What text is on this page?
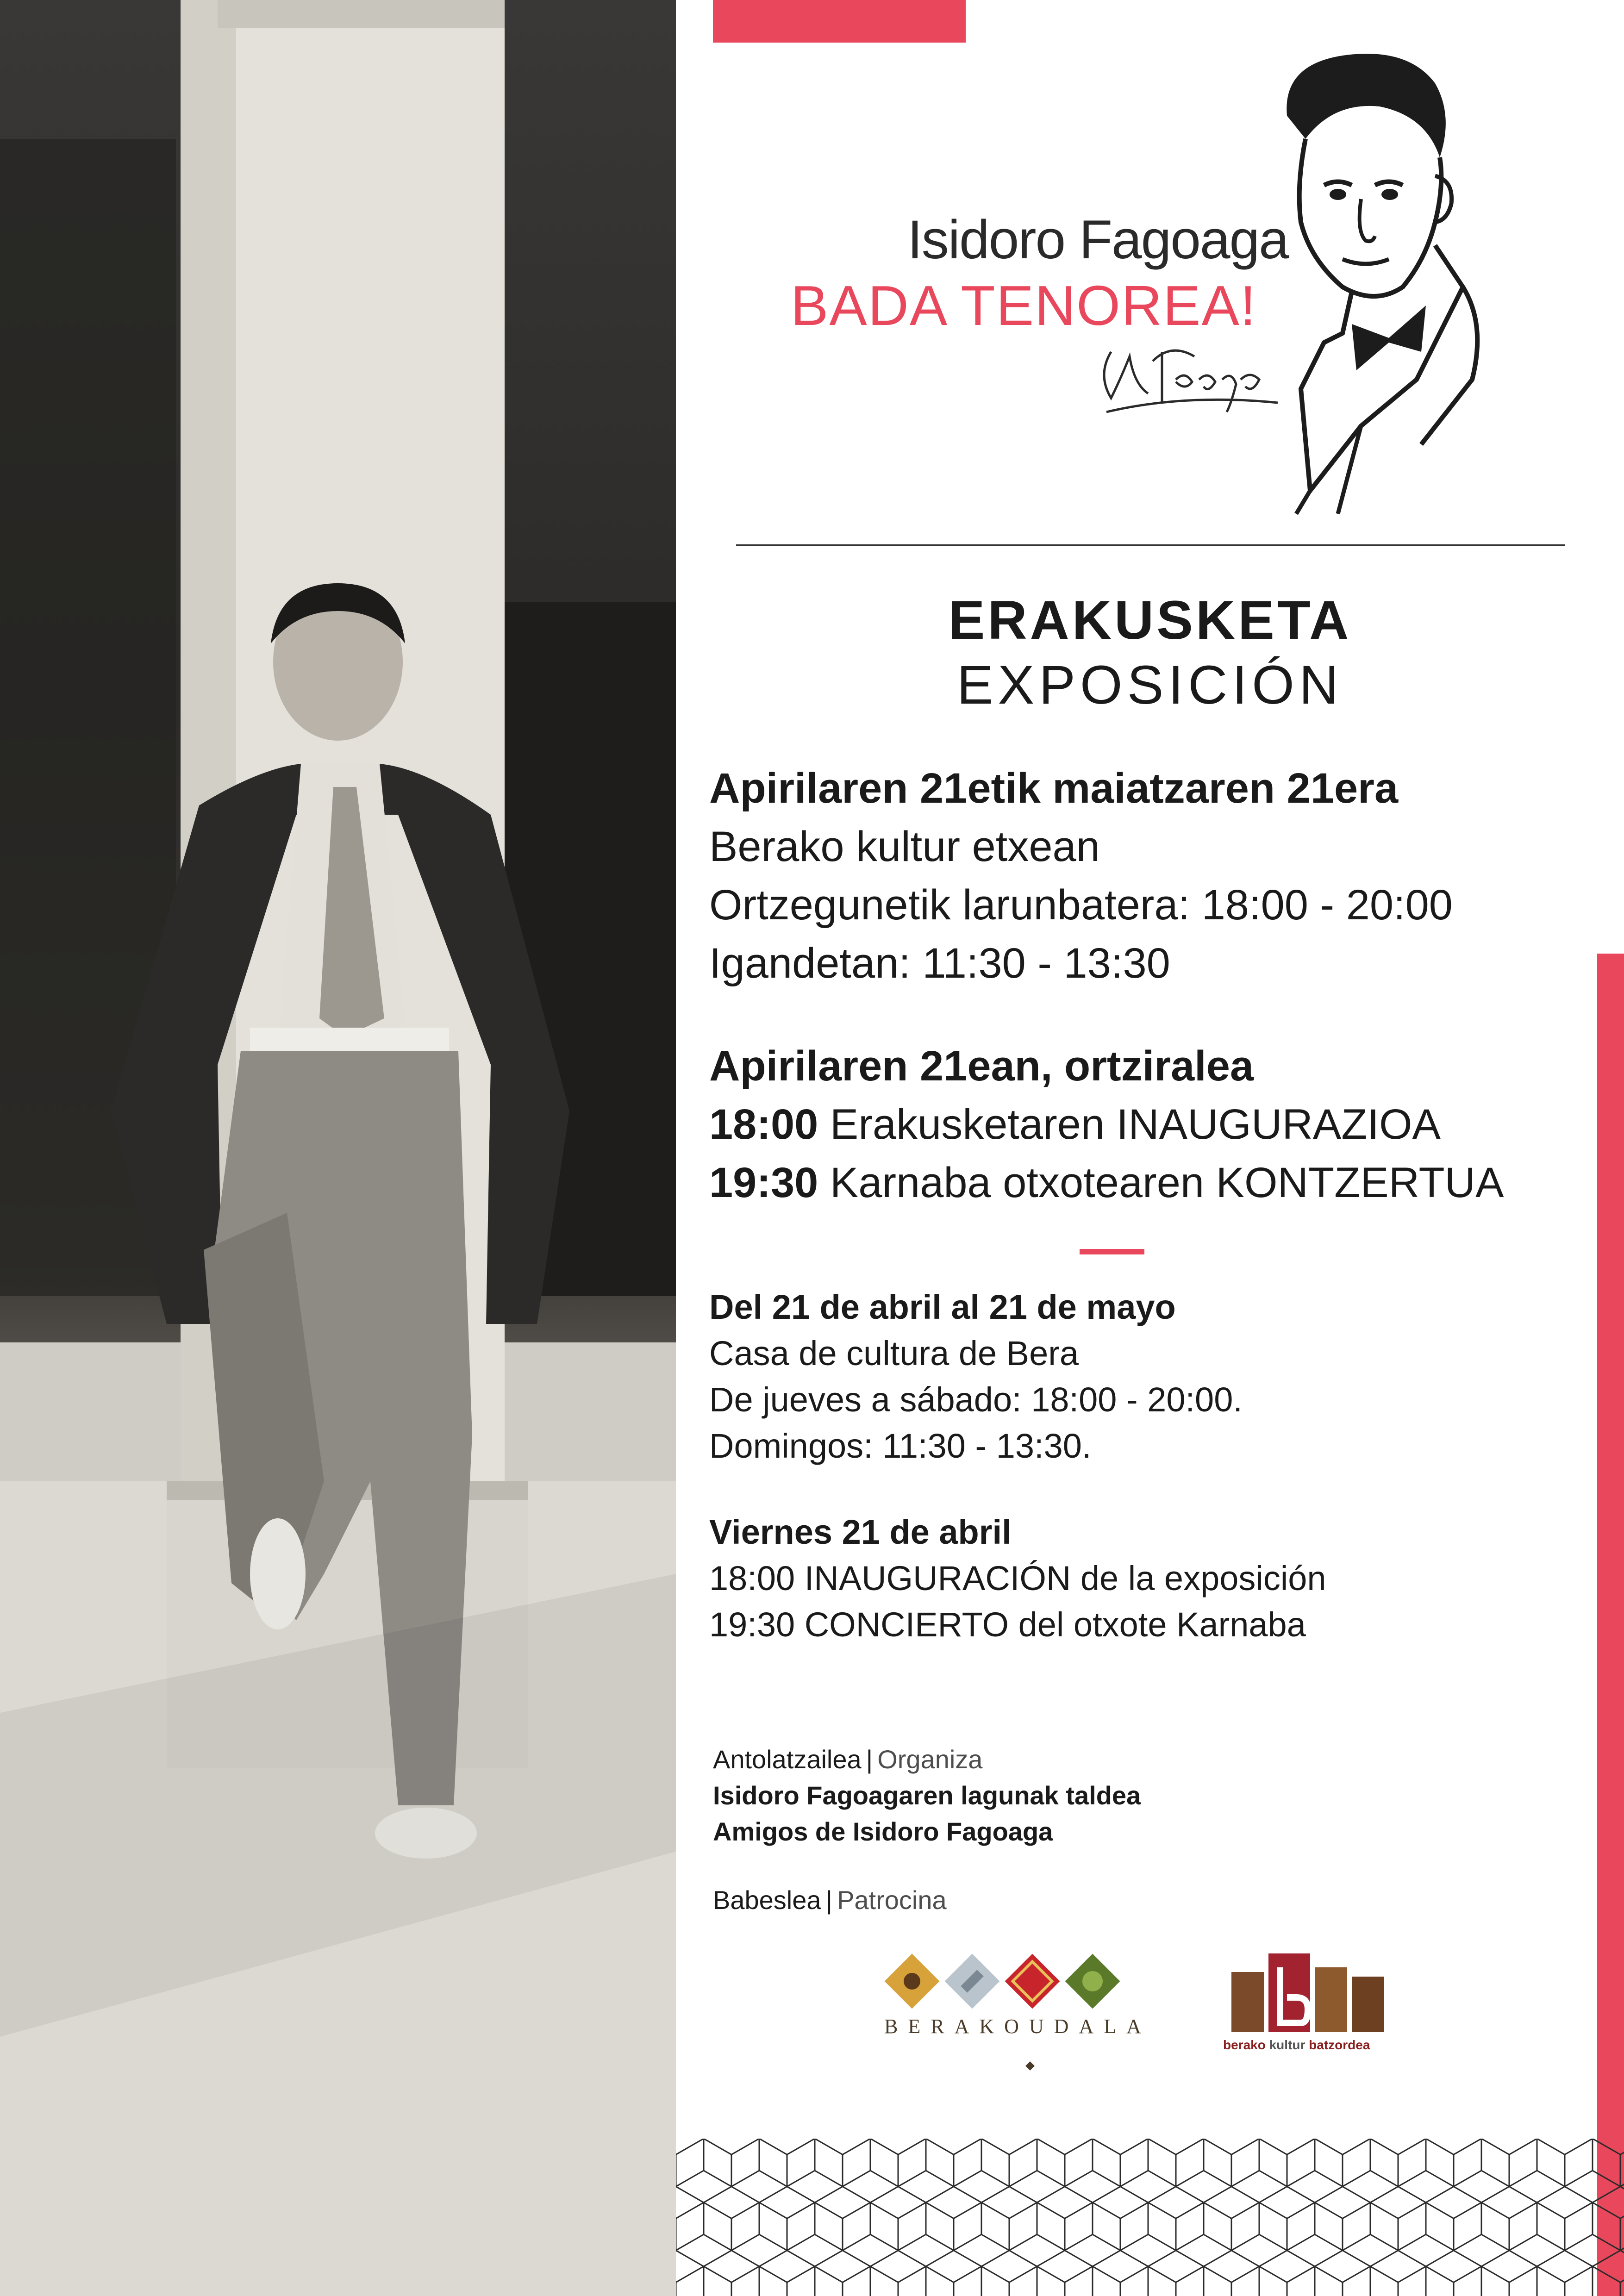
Isidoro Fagoaga
BADA TENOREA!
ERAKUSKETA
EXPOSICIÓN
Apirilaren 21etik maiatzaren 21era
Berako kultur etxean
Ortzegunetik larunbatera: 18:00 - 20:00
Igandetan: 11:30 - 13:30
Apirilaren 21ean, ortziralea
18:00 Erakusketaren INAUGURAZIOA
19:30 Karnaba otxotearen KONTZERTUA
Del 21 de abril al 21 de mayo
Casa de cultura de Bera
De jueves a sábado: 18:00 - 20:00.
Domingos: 11:30 - 13:30.
Viernes 21 de abril
18:00 INAUGURACIÓN de la exposición
19:30 CONCIERTO del otxote Karnaba
Antolatzailea | Organiza
Isidoro Fagoagaren lagunak taldea
Amigos de Isidoro Fagoaga
Babeslea | Patrocina
BERAKOUDALA
berako kultur batzordea
